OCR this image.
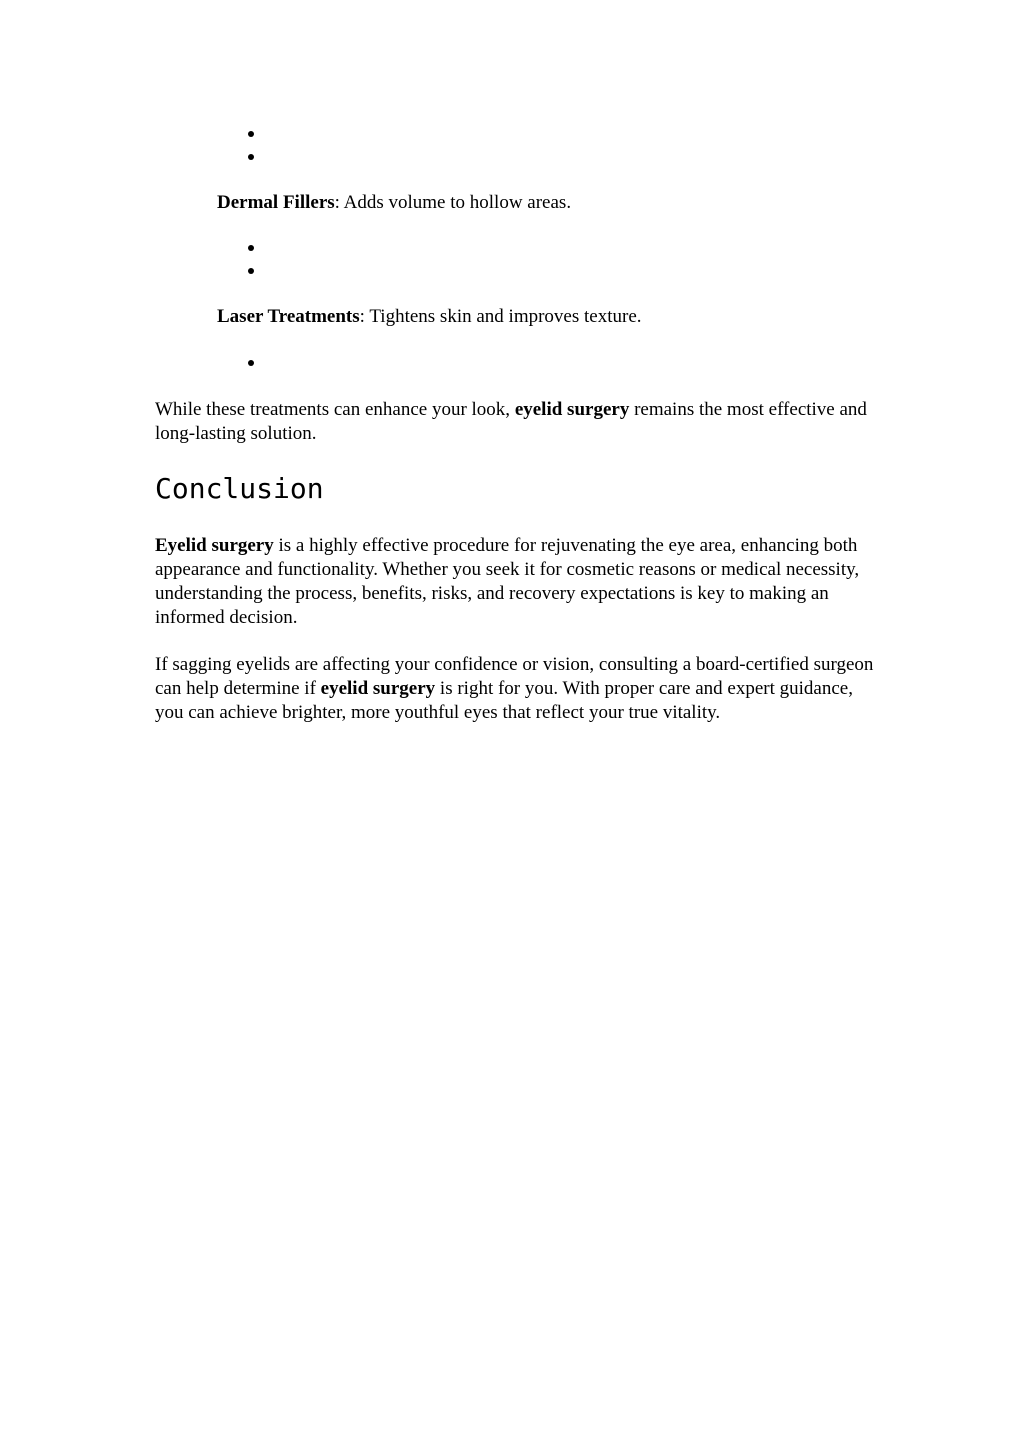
Dermal Fillers: Adds volume to hollow areas.
Laser Treatments: Tightens skin and improves texture.

While these treatments can enhance your look, eyelid surgery remains the most effective and long-lasting solution.

Conclusion

Eyelid surgery is a highly effective procedure for rejuvenating the eye area, enhancing both appearance and functionality. Whether you seek it for cosmetic reasons or medical necessity, understanding the process, benefits, risks, and recovery expectations is key to making an informed decision.

If sagging eyelids are affecting your confidence or vision, consulting a board-certified surgeon can help determine if eyelid surgery is right for you. With proper care and expert guidance, you can achieve brighter, more youthful eyes that reflect your true vitality.
